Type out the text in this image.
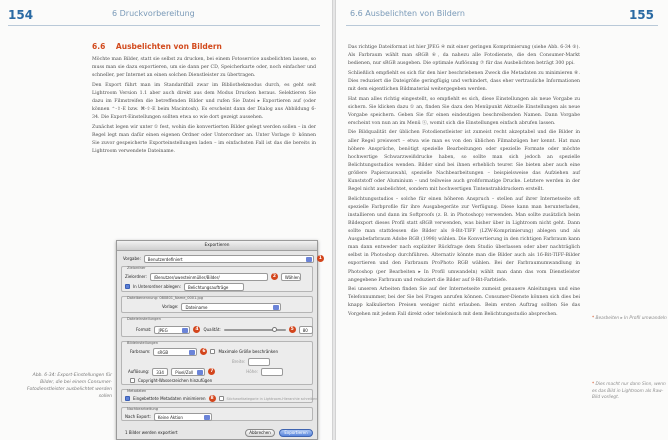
154	6 Druckvorbereitung
6.6 Ausbelichten von Bildern

Möchte man Bilder, statt sie selbst zu drucken, bei einem Fotoservice ausbelichten lassen, so muss man sie dazu exportieren, um sie dann per CD, Speicherkarte oder, noch einfacher und schneller, per Internet an einen solchen Dienstleister zu übertragen.

Den Export führt man im Standardfall zwar im Bibliothekmodus durch, es geht seit Lightroom Version 1.1 aber auch direkt aus dem Modus Drucken heraus. Selektieren Sie dazu im Filmstreifen die betreffenden Bilder und rufen Sie Datei ▸ Exportieren auf (oder können ⌃-⇧-E bzw. ⌘-⇧-E beim Macintosh). Es erscheint dann der Dialog aus Abbildung 6-34. Die Export-Einstellungen sollten etwa so wie dort gezeigt aussehen.

Zunächst legen wir unter ① fest, wohin die konvertierten Bilder gelegt werden sollen – in der Regel legt man dafür einen eigenen Ordner oder Unterordner an. Unter Vorlage ② können Sie zuvor gespeicherte Exporteinstellungen laden – im einfachsten Fall ist das die bereits in Lightroom verwendete Dateiname.

Abb. 6-34: Export-Einstellungen für Bilder, die bei einem Consumer-Fotodienstleister ausbelichtet werden sollen
Exportieren
Vorgabe:	Benutzerdefiniert	1
Zielordner
Zielordner:	/Benutzer/uwesteinmüller/Bilder/	2	Wählen
In Unterordner ablegen:	Belichtungsaufträge
Dateibenennung: 080801_Name_0001.jpg
Vorlage:	Dateiname
Dateieinstellungen
Format:	JPEG	4	Qualität:	5	80
Bildeinstellungen
Farbraum:	sRGB	6	Maximale Größe beschränken
Breite:
Auflösung:	334	Pixel/Zoll	7	Höhe:
Copyright-Wasserzeichen hinzufügen
Metadaten
Eingebettete Metadaten minimieren	8	Stichwortkategorie in Lightroom-Hierarchie schreiben
Nachbearbeitung
Nach Export:	Keine Aktion
1 Bilder werden exportiert	Abbrechen	Exportieren
6.6 Ausbelichten von Bildern	155

Das richtige Dateiformat ist hier JPEG ④ mit einer geringen Komprimierung (siehe Abb. 6-34 ⑤). Als Farbraum wählt man sRGB ⑥, da nahezu alle Fotodienste, die den Consumer-Markt bedienen, nur sRGB ausgeben. Die optimale Auflösung ⑦ für das Ausbelichten beträgt 300 ppi.

Schließlich empfiehlt es sich für den hier beschriebenen Zweck die Metadaten zu minimieren ⑧. Dies reduziert die Dateigröße geringfügig und verhindert, dass eher vertrauliche Informationen mit dem eigentlichen Bildmaterial weitergegeben werden.

Hat man alles richtig eingestellt, so empfiehlt es sich, diese Einstellungen als neue Vorgabe zu sichern. Sie klicken dazu ① an, finden Sie dazu den Menüpunkt Aktuelle Einstellungen als neue Vorgabe speichern. Geben Sie für einen eindeutigen beschreibenden Namen. Dann Vorgabe erscheint von nun an im Menü ⓐ, womit sich die Einstellungen einfach abrufen lassen.

Die Bildqualität der üblichen Fotodienstleister ist zumeist recht akzeptabel und die Bilder in aller Regel preiswert – etwa wie man es von den üblichen Filmabzügen her kennt. Hat man höhere Ansprüche, benötigt spezielle Bearbeitungen oder spezielle Formate oder möchte hochwertige Schwarzweißdrucke haben, so sollte man sich jedoch an spezielle Belichtungsstudios wenden. Bilder sind bei ihnen erheblich teurer. Sie bieten aber auch eine größere Papierauswahl, spezielle Nachbearbeitungen – beispielsweise das Aufziehen auf Kunststoff oder Aluminium – und teilweise auch großformatige Drucke. Letztere werden in der Regel nicht ausbelichtet, sondern mit hochwertigen Tintenstrahldruckern erstellt.

Belichtungsstudios – solche für einen höheren Anspruch – stellen auf ihrer Internetseite oft spezielle Farbprofile für ihre Ausgabegeräte zur Verfügung. Diese kann man herunterladen, installieren und dann im Softproofs (z. B. in Photoshop) verwenden. Man sollte zusätzlich beim Bildexport dieses Profil statt sRGB verwenden, was bisher über in Lightroom nicht geht. Dann sollte man stattdessen die Bilder als 8-Bit-TIFF (LZW-Komprimierung) ablegen und als Ausgabefarbraum Adobe RGB (1998) wählen. Die Konvertierung in den richtigen Farbraum kann man dann entweder nach expliziter Rückfrage dem Studio überlassen oder aber nachträglich selbst in Photoshop durchführen. Alternativ könnte man die Bilder auch als 16-Bit-TIFF-Bilder exportieren und den Farbraum ProPhoto RGB wählen. Bei der Farbraumumwandlung in Photoshop (per Bearbeiten ▸ In Profil umwandeln) wählt man dann das vom Dienstleister angegebene Farbraum und reduziert die Bilder auf 8-Bit-Farbtiefe.

Bei unseren Arbeiten finden Sie auf der Internetseite zumeist genauere Anleitungen und eine Telefonnummer, bei der Sie bei Fragen anrufen können. Consumer-Dienste können sich dies bei knapp kalkulierten Preisen weniger nicht erlauben. Beim ersten Auftrag sollten Sie das Vorgehen mit jedem Fall direkt oder telefonisch mit dem Belichtungsstudio absprechen.

* Bearbeiten ▸ In Profil umwandeln
* Dies macht nur dann Sinn, wenn es das Bild in Lightroom als Raw-Bild vorliegt.
